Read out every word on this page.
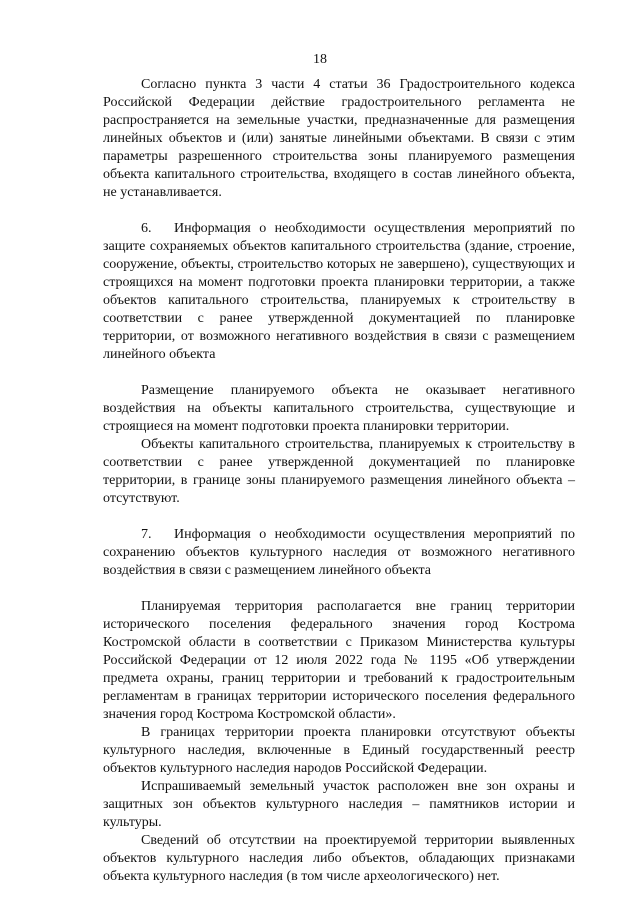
18

Согласно пункта 3 части 4 статьи 36 Градостроительного кодекса Российской Федерации действие градостроительного регламента не распространяется на земельные участки, предназначенные для размещения линейных объектов и (или) занятые линейными объектами. В связи с этим параметры разрешенного строительства зоны планируемого размещения объекта капитального строительства, входящего в состав линейного объекта, не устанавливается.

6. Информация о необходимости осуществления мероприятий по защите сохраняемых объектов капитального строительства (здание, строение, сооружение, объекты, строительство которых не завершено), существующих и строящихся на момент подготовки проекта планировки территории, а также объектов капитального строительства, планируемых к строительству в соответствии с ранее утвержденной документацией по планировке территории, от возможного негативного воздействия в связи с размещением линейного объекта

Размещение планируемого объекта не оказывает негативного воздействия на объекты капитального строительства, существующие и строящиеся на момент подготовки проекта планировки территории.

Объекты капитального строительства, планируемых к строительству в соответствии с ранее утвержденной документацией по планировке территории, в границе зоны планируемого размещения линейного объекта – отсутствуют.

7. Информация о необходимости осуществления мероприятий по сохранению объектов культурного наследия от возможного негативного воздействия в связи с размещением линейного объекта

Планируемая территория располагается вне границ территории исторического поселения федерального значения город Кострома Костромской области в соответствии с Приказом Министерства культуры Российской Федерации от 12 июля 2022 года № 1195 «Об утверждении предмета охраны, границ территории и требований к градостроительным регламентам в границах территории исторического поселения федерального значения город Кострома Костромской области».

В границах территории проекта планировки отсутствуют объекты культурного наследия, включенные в Единый государственный реестр объектов культурного наследия народов Российской Федерации.

Испрашиваемый земельный участок расположен вне зон охраны и защитных зон объектов культурного наследия – памятников истории и культуры.

Сведений об отсутствии на проектируемой территории выявленных объектов культурного наследия либо объектов, обладающих признаками объекта культурного наследия (в том числе археологического) нет.
